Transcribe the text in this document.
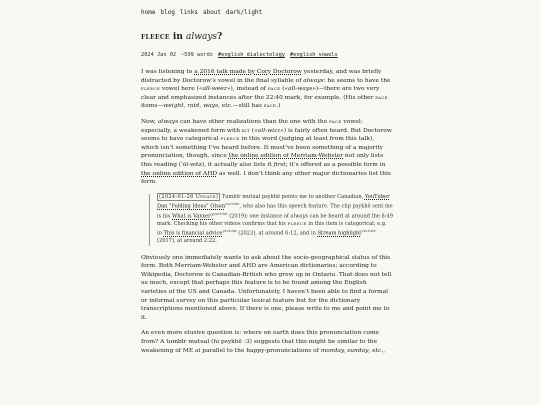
home blog links about dark/light
fleece in always?
2024 Jan 02 ~599 words #english dialectology #english vowels

I was listening to a 2016 talk made by Cory Doctorow yesterday, and was briefly distracted by Doctorow’s vowel in the final syllable of always: he seems to have the fleece vowel here («all-weez»), instead of face («all-ways»)—there are two very clear and emphasized instances after the 22:40 mark, for example. (His other face items—weight, raid, ways, etc.—still has face.)

Now, always can have other realizations than the one with the face vowel: especially, a weakened form with kit («all-wizz») is fairly often heard. But Doctorow seems to have categorical fleece in this word (judging at least from this talk), which isn’t something I’ve heard before. It must’ve been something of a majority pronunciation, though, since the online edition of Merriam-Webster not only lists this reading (ˈȯl-wēz), it actually also lists it first; it’s offered as a possible form in the online edition of AHD as well. I don’t think any other major dictionaries list this form.

(2024-01-26 Update) Tumblr mutual psykhē points me to another Canadian, YouTuber Dan "Folding Ideas" Olson$^{youtube}$, who also has this speech feature. The clip psykhē sent me is his What is Vaxxer?$^{youtube}$ (2019); one instance of always can be heard at around the 8:49 mark. Checking his other videos confirms that his fleece in this item is categorical; e.g. in This is financial advice$^{youtube}$ (2023), at around 6:12, and in Stream highlight$^{youtube}$ (2017), at around 2:22.

Obviously one immediately wants to ask about the socio-geographical status of this form. Both Merriam-Webster and AHD are American dictionaries; according to Wikipedia, Doctorow is Canadian-British who grew up in Ontario. That does not tell us much, except that perhaps this feature is to be found among the English varieties of the US and Canada. Unfortunately, I haven’t been able to find a formal or informal survey on this particular lexical feature but for the dictionary transcriptions mentioned above. If there is one, please write to me and point me to it.

An even more elusive question is: where on earth does this pronunciation come from? A tumblr mutual (hi psykhē :3) suggests that this might be similar to the weakening of ME ai parallel to the happy-pronunciations of monday, sunday, etc.,
